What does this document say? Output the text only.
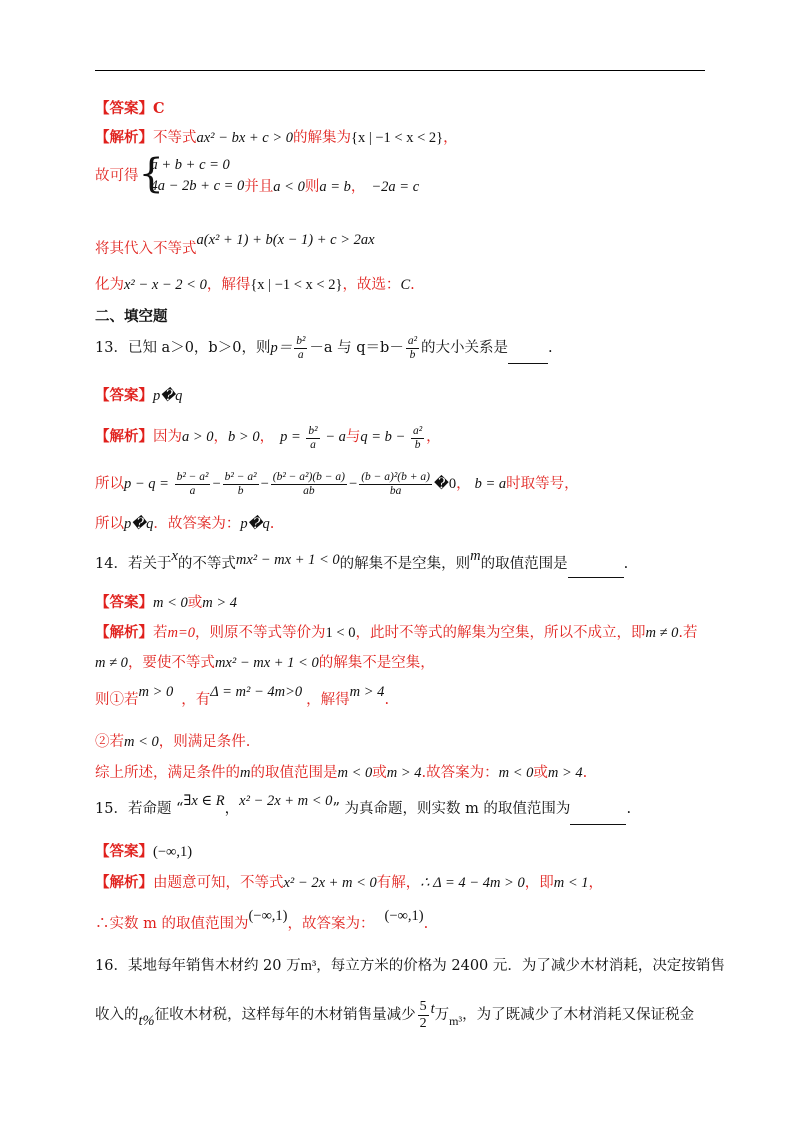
【答案】C
【解析】不等式ax² − bx + c > 0的解集为{x | −1 < x < 2}，
故可得 {
a + b + c = 0
4a − 2b + c = 0 并且a < 0则a = b， −2a = c
将其代入不等式a(x² + 1) + b(x − 1) + c > 2ax
化为x² − x − 2 < 0，解得{x | −1 < x < 2}，故选：C.
二、填空题
13．已知 a＞0，b＞0，则$p= \frac{\text{b²}}{a} -a$ 与 $q=b- \frac{\text{a²}}{b}$ 的大小关系是	.
【答案】p�q
【解析】因为a > 0，b > 0， $p = \frac{\text{b²}}{a} - a$与$q = b - \frac{\text{a²}}{b}$ ，
所以$p - q = \frac{\text{b² − a²}}{a} - \frac{\text{b² − a²}}{b} - \frac{\text{(b² − a²)(b − a)}}{ab} - \frac{\text{(b − a)²(b + a)}}{ba}$ �0， b = a时取等号，
所以p�q．故答案为：p�q.
14．若关于x的不等式mx² − mx + 1 < 0的解集不是空集，则m的取值范围是	.
【答案】m < 0或m > 4
【解析】若m=0，则原不等式等价为1 < 0，此时不等式的解集为空集，所以不成立，即m ≠ 0.若
m ≠ 0，要使不等式mx² − mx + 1 < 0的解集不是空集，
则①若m > 0 ，有Δ = m² − 4m>0 ，解得m > 4.
②若m < 0，则满足条件.
综上所述，满足条件的m的取值范围是m < 0或m > 4.故答案为：m < 0或m > 4.
15．若命题 “∃x ∈ R，x² − 2x + m < 0” 为真命题，则实数 m 的取值范围为	.
【答案】(−∞,1)
【解析】由题意可知，不等式x² − 2x + m < 0有解，∴ Δ = 4 − 4m > 0，即m < 1，
∴实数 m 的取值范围为(−∞,1)，故答案为： (−∞,1).
16．某地每年销售木材约 20 万m³，每立方米的价格为 2400 元．为了减少木材消耗，决定按销售
收入的t%征收木材税，这样每年的木材销售量减少 $\frac{5}{2}$ t万$_{m^3}$，为了既减少了木材消耗又保证税金
